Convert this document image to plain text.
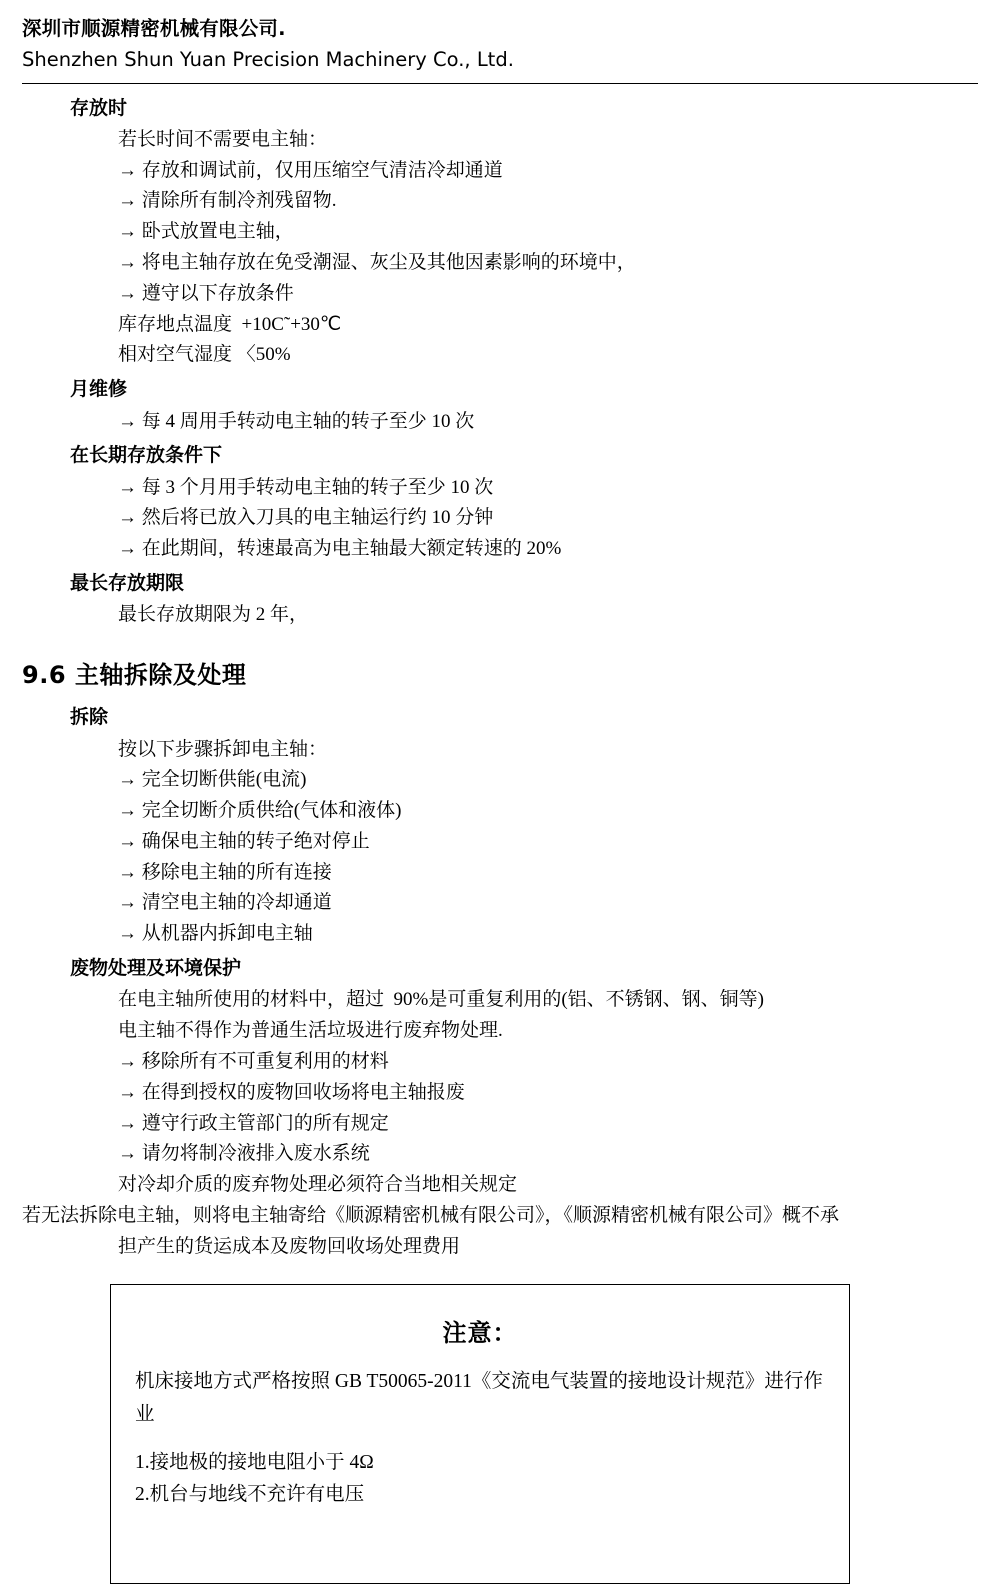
深圳市顺源精密机械有限公司.
Shenzhen Shun Yuan Precision Machinery Co., Ltd.
存放时
若长时间不需要电主轴：
→ 存放和调试前，仅用压缩空气清洁冷却通道
→ 清除所有制冷剂残留物.
→ 卧式放置电主轴，
→ 将电主轴存放在免受潮湿、灰尘及其他因素影响的环境中，
→ 遵守以下存放条件
库存地点温度  +10C˜+30℃
相对空气湿度 〈50%
月维修
→ 每 4 周用手转动电主轴的转子至少 10 次
在长期存放条件下
→ 每 3 个月用手转动电主轴的转子至少 10 次
→ 然后将已放入刀具的电主轴运行约 10 分钟
→ 在此期间，转速最高为电主轴最大额定转速的 20%
最长存放期限
最长存放期限为 2 年，
9.6 主轴拆除及处理
拆除
按以下步骤拆卸电主轴：
→ 完全切断供能(电流)
→ 完全切断介质供给(气体和液体)
→ 确保电主轴的转子绝对停止
→ 移除电主轴的所有连接
→ 清空电主轴的冷却通道
→ 从机器内拆卸电主轴
废物处理及环境保护
在电主轴所使用的材料中，超过  90%是可重复利用的(铝、不锈钢、钢、铜等)
电主轴不得作为普通生活垃圾进行废弃物处理.
→ 移除所有不可重复利用的材料
→ 在得到授权的废物回收场将电主轴报废
→ 遵守行政主管部门的所有规定
→ 请勿将制冷液排入废水系统
对冷却介质的废弃物处理必须符合当地相关规定
若无法拆除电主轴，则将电主轴寄给《顺源精密机械有限公司》，《顺源精密机械有限公司》概不承
担产生的货运成本及废物回收场处理费用
注意：
机床接地方式严格按照 GB T50065-2011《交流电气装置的接地设计规范》进行作业
1.接地极的接地电阻小于 4Ω
2.机台与地线不充许有电压
